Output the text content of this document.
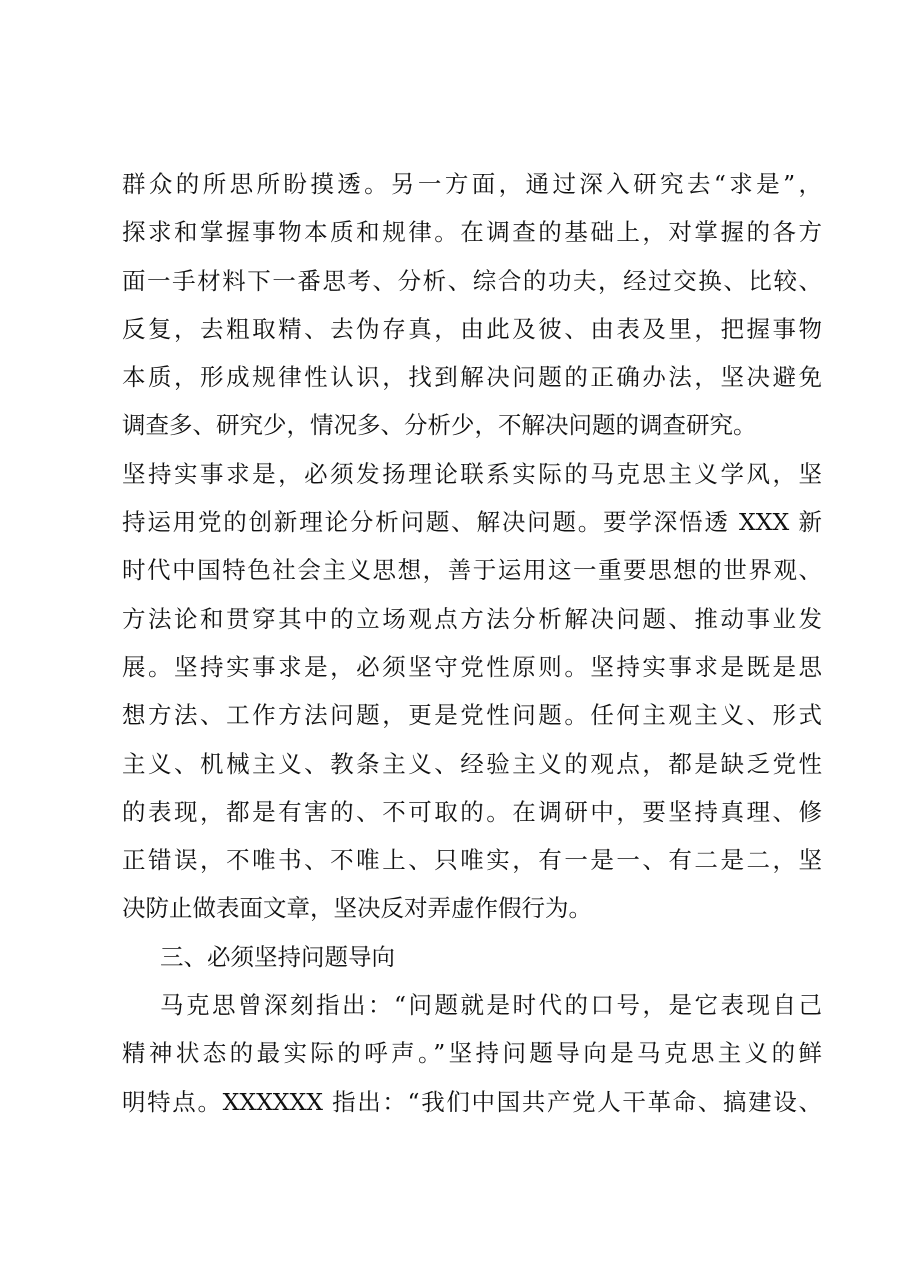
群众的所思所盼摸透。另一方面，通过深入研究去“求是”，
探求和掌握事物本质和规律。在调查的基础上，对掌握的各方
面一手材料下一番思考、分析、综合的功夫，经过交换、比较、
反复，去粗取精、去伪存真，由此及彼、由表及里，把握事物
本质，形成规律性认识，找到解决问题的正确办法，坚决避免
调查多、研究少，情况多、分析少，不解决问题的调查研究。
坚持实事求是，必须发扬理论联系实际的马克思主义学风，坚
持运用党的创新理论分析问题、解决问题。要学深悟透 XXX 新
时代中国特色社会主义思想，善于运用这一重要思想的世界观、
方法论和贯穿其中的立场观点方法分析解决问题、推动事业发
展。坚持实事求是，必须坚守党性原则。坚持实事求是既是思
想方法、工作方法问题，更是党性问题。任何主观主义、形式
主义、机械主义、教条主义、经验主义的观点，都是缺乏党性
的表现，都是有害的、不可取的。在调研中，要坚持真理、修
正错误，不唯书、不唯上、只唯实，有一是一、有二是二，坚
决防止做表面文章，坚决反对弄虚作假行为。
三、必须坚持问题导向
马克思曾深刻指出：“问题就是时代的口号，是它表现自己
精神状态的最实际的呼声。”坚持问题导向是马克思主义的鲜
明特点。XXXXXX 指出：“我们中国共产党人干革命、搞建设、
